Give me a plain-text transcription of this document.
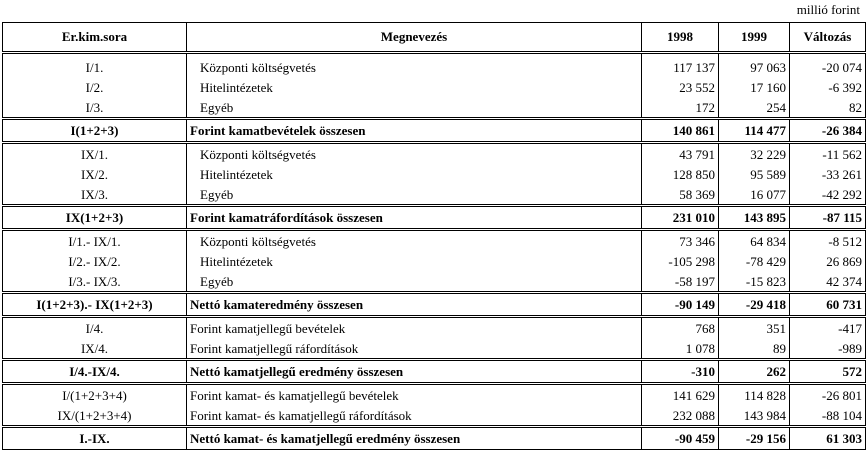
millió forint
Er.kim.sora	Megnevezés	1998	1999	Változás
I/1.	Központi költségvetés	117 137	97 063	-20 074
I/2.	Hitelintézetek	23 552	17 160	-6 392
I/3.	Egyéb	172	254	82
I(1+2+3)	Forint kamatbevételek összesen	140 861	114 477	-26 384
IX/1.	Központi költségvetés	43 791	32 229	-11 562
IX/2.	Hitelintézetek	128 850	95 589	-33 261
IX/3.	Egyéb	58 369	16 077	-42 292
IX(1+2+3)	Forint kamatráfordítások összesen	231 010	143 895	-87 115
I/1.- IX/1.	Központi költségvetés	73 346	64 834	-8 512
I/2.- IX/2.	Hitelintézetek	-105 298	-78 429	26 869
I/3.- IX/3.	Egyéb	-58 197	-15 823	42 374
I(1+2+3).- IX(1+2+3)	Nettó kamateredmény összesen	-90 149	-29 418	60 731
I/4.	Forint kamatjellegű bevételek	768	351	-417
IX/4.	Forint kamatjellegű ráfordítások	1 078	89	-989
I/4.-IX/4.	Nettó kamatjellegű eredmény összesen	-310	262	572
I/(1+2+3+4)	Forint kamat- és kamatjellegű bevételek	141 629	114 828	-26 801
IX/(1+2+3+4)	Forint kamat- és kamatjellegű ráfordítások	232 088	143 984	-88 104
I.-IX.	Nettó kamat- és kamatjellegű eredmény összesen	-90 459	-29 156	61 303
